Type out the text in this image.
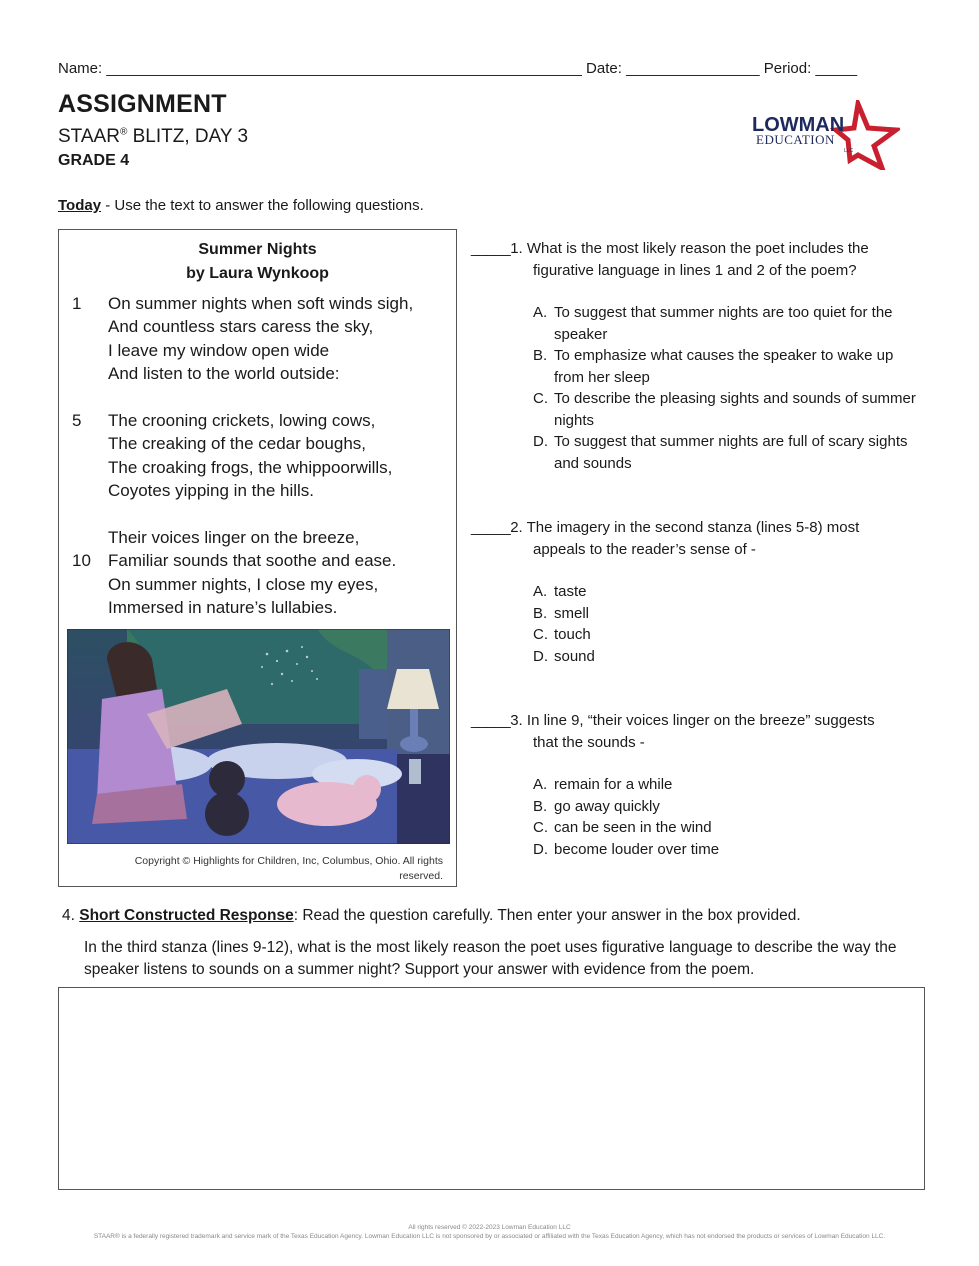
Name: _________________________________________________________ Date: ________________ Period: _____
ASSIGNMENT
STAAR® BLITZ, DAY 3
GRADE 4
LOWMAN
EDUCATION
LLC
Today - Use the text to answer the following questions.
Summer Nights
by Laura Wynkoop
1 On summer nights when soft winds sigh,
And countless stars caress the sky,
I leave my window open wide
And listen to the world outside:
5 The crooning crickets, lowing cows,
The creaking of the cedar boughs,
The croaking frogs, the whippoorwills,
Coyotes yipping in the hills.
Their voices linger on the breeze,
10 Familiar sounds that soothe and ease.
On summer nights, I close my eyes,
Immersed in nature’s lullabies.
Copyright © Highlights for Children, Inc, Columbus, Ohio. All rights reserved.
_____1. What is the most likely reason the poet includes the
figurative language in lines 1 and 2 of the poem?
A. To suggest that summer nights are too quiet for the speaker
B. To emphasize what causes the speaker to wake up from her sleep
C. To describe the pleasing sights and sounds of summer nights
D. To suggest that summer nights are full of scary sights and sounds
_____2. The imagery in the second stanza (lines 5-8) most
appeals to the reader’s sense of -
A. taste
B. smell
C. touch
D. sound
_____3. In line 9, “their voices linger on the breeze” suggests
that the sounds -
A. remain for a while
B. go away quickly
C. can be seen in the wind
D. become louder over time
4. Short Constructed Response: Read the question carefully. Then enter your answer in the box provided.
In the third stanza (lines 9-12), what is the most likely reason the poet uses figurative language to describe the way the speaker listens to sounds on a summer night? Support your answer with evidence from the poem.
All rights reserved © 2022-2023 Lowman Education LLC
STAAR® is a federally registered trademark and service mark of the Texas Education Agency. Lowman Education LLC is not sponsored by or associated or affiliated with the Texas Education Agency, which has not endorsed the products or services of Lowman Education LLC.
